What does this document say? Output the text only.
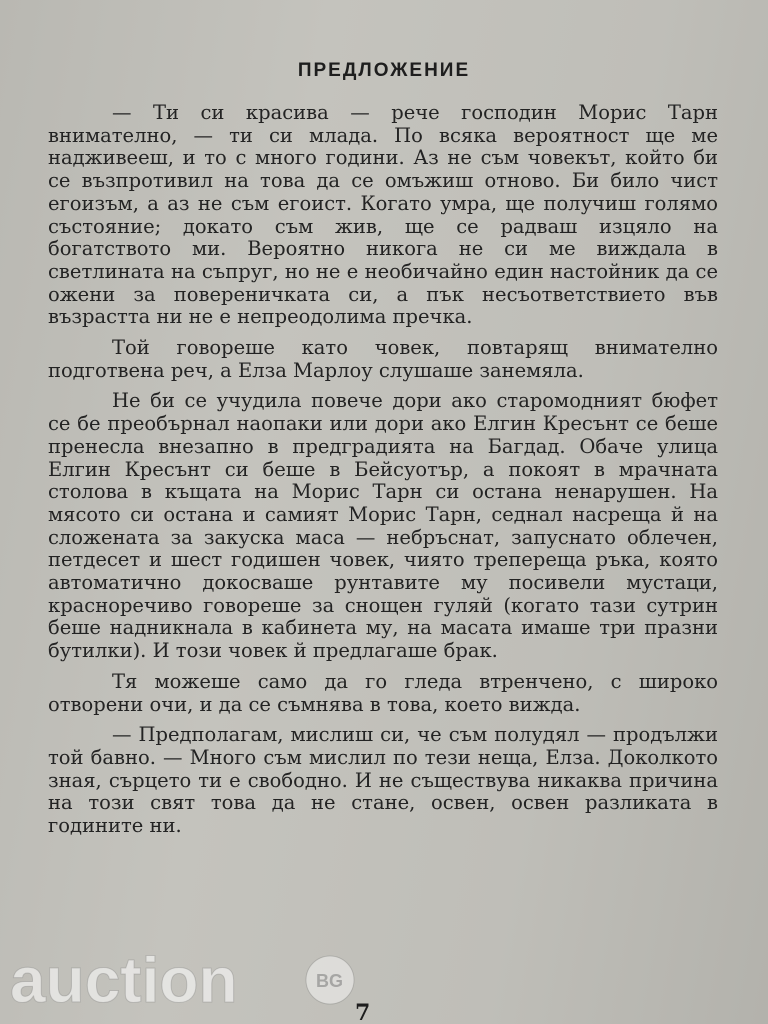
ПРЕДЛОЖЕНИЕ

— Ти си красива — рече господин Морис Тарн внимателно, — ти си млада. По всяка вероятност ще ме надживееш, и то с много години. Аз не съм човекът, който би се възпротивил на това да се омъжиш отново. Би било чист егоизъм, а аз не съм егоист. Когато умра, ще получиш голямо състояние; докато съм жив, ще се радваш изцяло на богатството ми. Вероятно никога не си ме виждала в светлината на съпруг, но не е необичайно един настойник да се ожени за повереничката си, а пък несъответствието във възрастта ни не е непреодолима пречка.

Той говореше като човек, повтарящ внимателно подготвена реч, а Елза Марлоу слушаше занемяла.

Не би се учудила повече дори ако старомодният бюфет се бе преобърнал наопаки или дори ако Елгин Кресънт се беше пренесла внезапно в предградията на Багдад. Обаче улица Елгин Кресънт си беше в Бейсуотър, а покоят в мрачната столова в къщата на Морис Тарн си остана ненарушен. На мясото си остана и самият Морис Тарн, седнал насреща й на сложената за закуска маса — небръснат, запуснато облечен, петдесет и шест годишен човек, чиято трепереща ръка, която автоматично докосваше рунтавите му посивели мустаци, красноречиво говореше за снощен гуляй (когато тази сутрин беше надникнала в кабинета му, на масата имаше три празни бутилки). И този човек й предлагаше брак.

Тя можеше само да го гледа втренчено, с широко отворени очи, и да се съмнява в това, което вижда.

— Предполагам, мислиш си, че съм полудял — продължи той бавно. — Много съм мислил по тези неща, Елза. Доколкото зная, сърцето ти е свободно. И не съществува никаква причина на този свят това да не стане, освен, освен разликата в годините ни.

auction	BG
7
